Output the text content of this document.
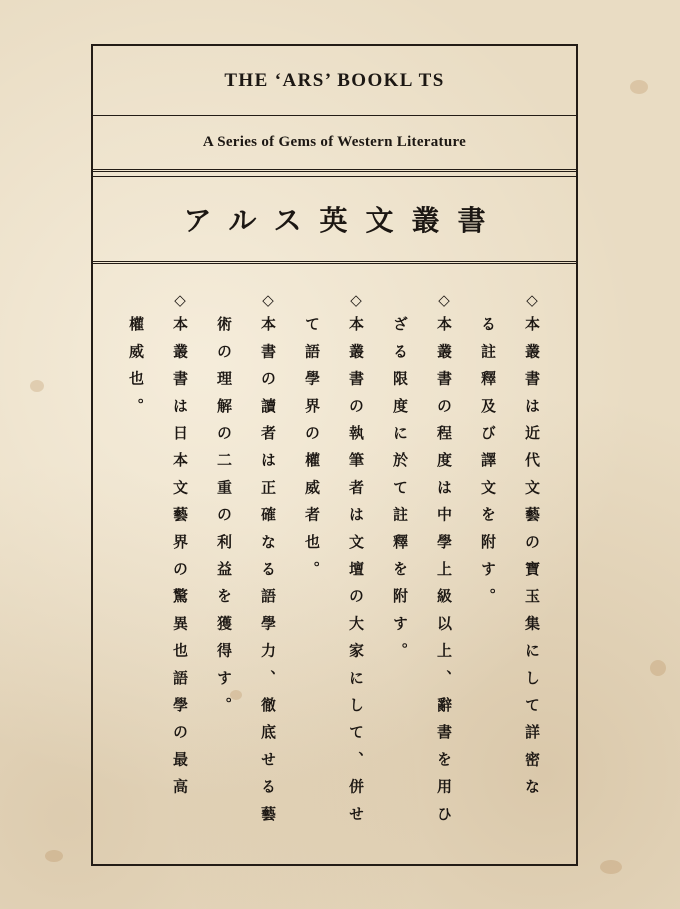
THE ‘ARS’ BOOKL TS
A Series of Gems of Western Literature
アルス英文叢書
◇
本叢書は近代文藝の寶玉集にして詳密な
る註釋及び譯文を附す。
◇
本叢書の程度は中學上級以上、辭書を用ひ
ざる限度に於て註釋を附す。
◇
本叢書の執筆者は文壇の大家にして、併せ
て語學界の權威者也。
◇
本書の讀者は正確なる語學力、徹底せる藝
術の理解の二重の利益を獲得す。
◇
本叢書は日本文藝界の驚異也語學の最高
權威也。
